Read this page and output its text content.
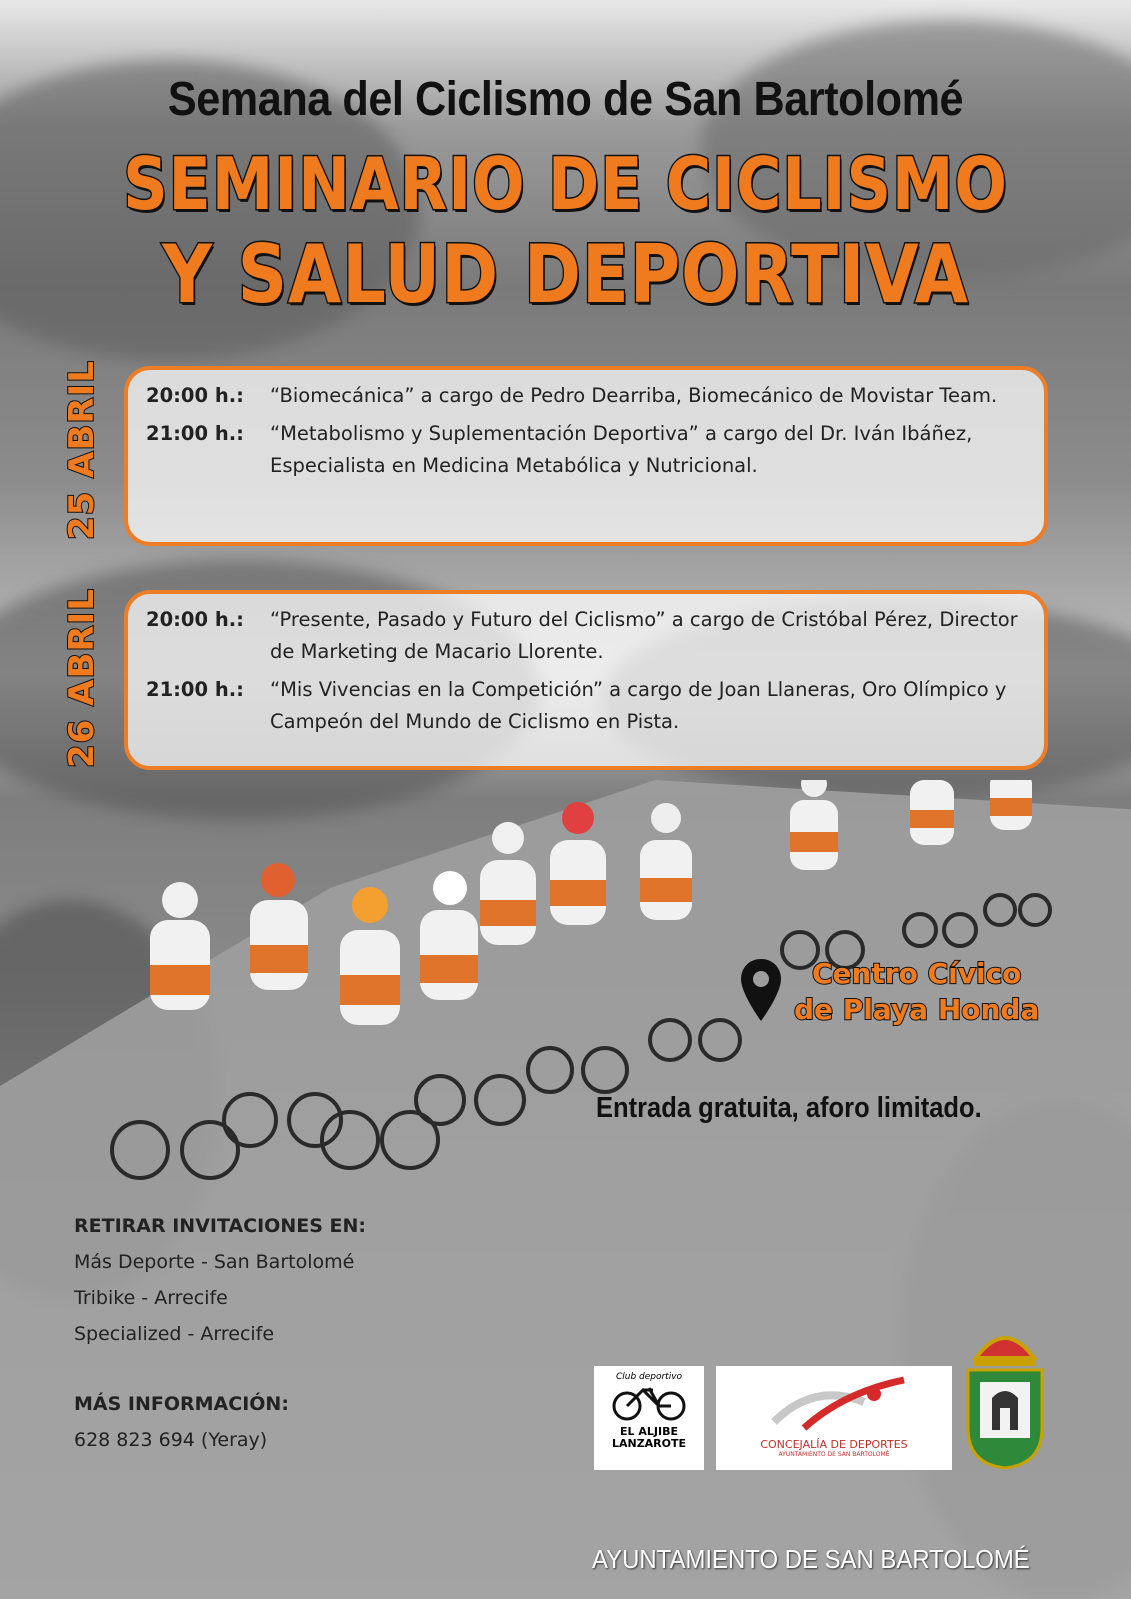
Semana del Ciclismo de San Bartolomé
SEMINARIO DE CICLISMO
Y SALUD DEPORTIVA
25 ABRIL 20:00 h.:	“Biomecánica” a cargo de Pedro Dearriba, Biomecánico de Movistar Team.
21:00 h.:	“Metabolismo y Suplementación Deportiva” a cargo del Dr. Iván Ibáñez, Especialista en Medicina Metabólica y Nutricional.
26 ABRIL 20:00 h.:	“Presente, Pasado y Futuro del Ciclismo” a cargo de Cristóbal Pérez, Director de Marketing de Macario Llorente.
21:00 h.:	“Mis Vivencias en la Competición” a cargo de Joan Llaneras, Oro Olímpico y Campeón del Mundo de Ciclismo en Pista.
Centro Cívico
de Playa Honda
Entrada gratuita, aforo limitado.
RETIRAR INVITACIONES EN:
Más Deporte - San Bartolomé
Tribike - Arrecife
Specialized - Arrecife
MÁS INFORMACIÓN:
628 823 694 (Yeray)
Club deportivo
EL ALJIBE
LANZAROTE	CONCEJALÍA DE DEPORTES
AYUNTAMIENTO DE SAN BARTOLOMÉ
AYUNTAMIENTO DE SAN BARTOLOMÉ
